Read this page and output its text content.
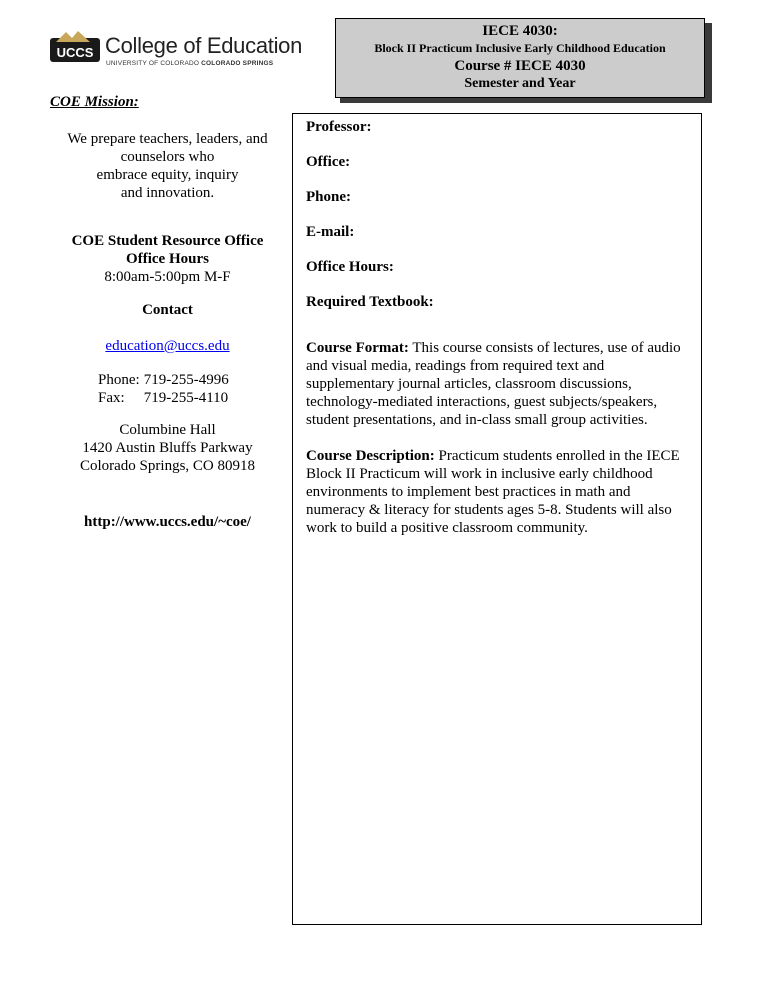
UCCS College of Education
UNIVERSITY OF COLORADO COLORADO SPRINGS
IECE 4030:
Block II Practicum Inclusive Early Childhood Education
Course # IECE 4030
Semester and Year
COE Mission:
We prepare teachers, leaders, and
counselors who
embrace equity, inquiry
and innovation.
COE Student Resource Office
Office Hours
8:00am-5:00pm M-F
Contact
education@uccs.edu
Phone: 719-255-4996
Fax: 719-255-4110
Columbine Hall
1420 Austin Bluffs Parkway
Colorado Springs, CO 80918
http://www.uccs.edu/~coe/

Professor:

Office:

Phone:

E-mail:

Office Hours:

Required Textbook:

Course Format: This course consists of lectures, use of audio and visual media, readings from required text and supplementary journal articles, classroom discussions, technology-mediated interactions, guest subjects/speakers, student presentations, and in-class small group activities.

Course Description: Practicum students enrolled in the IECE Block II Practicum will work in inclusive early childhood environments to implement best practices in math and numeracy & literacy for students ages 5-8. Students will also work to build a positive classroom community.
